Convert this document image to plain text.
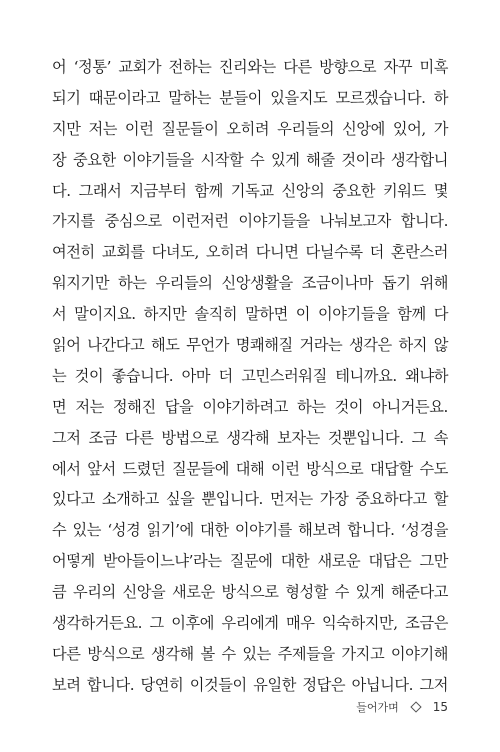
어 ‘정통’ 교회가 전하는 진리와는 다른 방향으로 자꾸 미혹
되기 때문이라고 말하는 분들이 있을지도 모르겠습니다. 하
지만 저는 이런 질문들이 오히려 우리들의 신앙에 있어, 가
장 중요한 이야기들을 시작할 수 있게 해줄 것이라 생각합니
다. 그래서 지금부터 함께 기독교 신앙의 중요한 키워드 몇
가지를 중심으로 이런저런 이야기들을 나눠보고자 합니다.
여전히 교회를 다녀도, 오히려 다니면 다닐수록 더 혼란스러
워지기만 하는 우리들의 신앙생활을 조금이나마 돕기 위해
서 말이지요. 하지만 솔직히 말하면 이 이야기들을 함께 다
읽어 나간다고 해도 무언가 명쾌해질 거라는 생각은 하지 않
는 것이 좋습니다. 아마 더 고민스러워질 테니까요. 왜냐하
면 저는 정해진 답을 이야기하려고 하는 것이 아니거든요.
그저 조금 다른 방법으로 생각해 보자는 것뿐입니다. 그 속
에서 앞서 드렸던 질문들에 대해 이런 방식으로 대답할 수도
있다고 소개하고 싶을 뿐입니다. 먼저는 가장 중요하다고 할
수 있는 ‘성경 읽기’에 대한 이야기를 해보려 합니다. ‘성경을
어떻게 받아들이느냐’라는 질문에 대한 새로운 대답은 그만
큼 우리의 신앙을 새로운 방식으로 형성할 수 있게 해준다고
생각하거든요. 그 이후에 우리에게 매우 익숙하지만, 조금은
다른 방식으로 생각해 볼 수 있는 주제들을 가지고 이야기해
보려 합니다. 당연히 이것들이 유일한 정답은 아닙니다. 그저
들어가며	15
